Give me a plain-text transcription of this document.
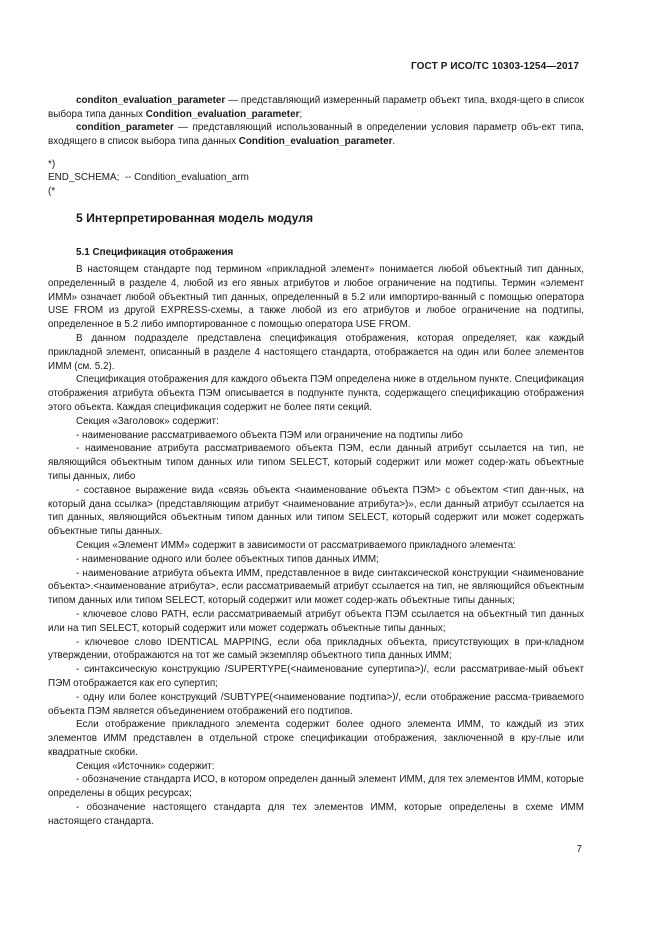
ГОСТ Р ИСО/ТС 10303-1254—2017

conditon_evaluation_parameter — представляющий измеренный параметр объект типа, входя-щего в список выбора типа данных Condition_evaluation_parameter;

condition_parameter — представляющий использованный в определении условия параметр объ-ект типа, входящего в список выбора типа данных Condition_evaluation_parameter.

*)
END_SCHEMA;  -- Condition_evaluation_arm
(*
5 Интерпретированная модель модуля
5.1 Спецификация отображения

В настоящем стандарте под термином «прикладной элемент» понимается любой объектный тип данных, определенный в разделе 4, любой из его явных атрибутов и любое ограничение на подтипы. Термин «элемент ИММ» означает любой объектный тип данных, определенный в 5.2 или импортиро-ванный с помощью оператора USE FROM из другой EXPRESS-схемы, а также любой из его атрибутов и любое ограничение на подтипы, определенное в 5.2 либо импортированное с помощью оператора USE FROM.

В данном подразделе представлена спецификация отображения, которая определяет, как каждый прикладной элемент, описанный в разделе 4 настоящего стандарта, отображается на один или более элементов ИММ (см. 5.2).

Спецификация отображения для каждого объекта ПЭМ определена ниже в отдельном пункте. Спецификация отображения атрибута объекта ПЭМ описывается в подпункте пункта, содержащего спецификацию отображения этого объекта. Каждая спецификация содержит не более пяти секций.

Секция «Заголовок» содержит:

- наименование рассматриваемого объекта ПЭМ или ограничение на подтипы либо

- наименование атрибута рассматриваемого объекта ПЭМ, если данный атрибут ссылается на тип, не являющийся объектным типом данных или типом SELECT, который содержит или может содер-жать объектные типы данных, либо

- составное выражение вида «связь объекта <наименование объекта ПЭМ> с объектом <тип дан-ных, на который дана ссылка> (представляющим атрибут <наименование атрибута>)», если данный атрибут ссылается на тип данных, являющийся объектным типом данных или типом SELECT, который содержит или может содержать объектные типы данных.

Секция «Элемент ИММ» содержит в зависимости от рассматриваемого прикладного элемента:

- наименование одного или более объектных типов данных ИММ;

- наименование атрибута объекта ИММ, представленное в виде синтаксической конструкции <наименование объекта>.<наименование атрибута>, если рассматриваемый атрибут ссылается на тип, не являющийся объектным типом данных или типом SELECT, который содержит или может содер-жать объектные типы данных;

- ключевое слово PATH, если рассматриваемый атрибут объекта ПЭМ ссылается на объектный тип данных или на тип SELECT, который содержит или может содержать объектные типы данных;

- ключевое слово IDENTICAL MAPPING, если оба прикладных объекта, присутствующих в при-кладном утверждении, отображаются на тот же самый экземпляр объектного типа данных ИММ;

- синтаксическую конструкцию /SUPERTYPE(<наименование супертипа>)/, если рассматривае-мый объект ПЭМ отображается как его супертип;

- одну или более конструкций /SUBTYPE(<наименование подтипа>)/, если отображение рассма-триваемого объекта ПЭМ является объединением отображений его подтипов.

Если отображение прикладного элемента содержит более одного элемента ИММ, то каждый из этих элементов ИММ представлен в отдельной строке спецификации отображения, заключенной в кру-глые или квадратные скобки.

Секция «Источник» содержит:

- обозначение стандарта ИСО, в котором определен данный элемент ИММ, для тех элементов ИММ, которые определены в общих ресурсах;

- обозначение настоящего стандарта для тех элементов ИММ, которые определены в схеме ИММ настоящего стандарта.

7
